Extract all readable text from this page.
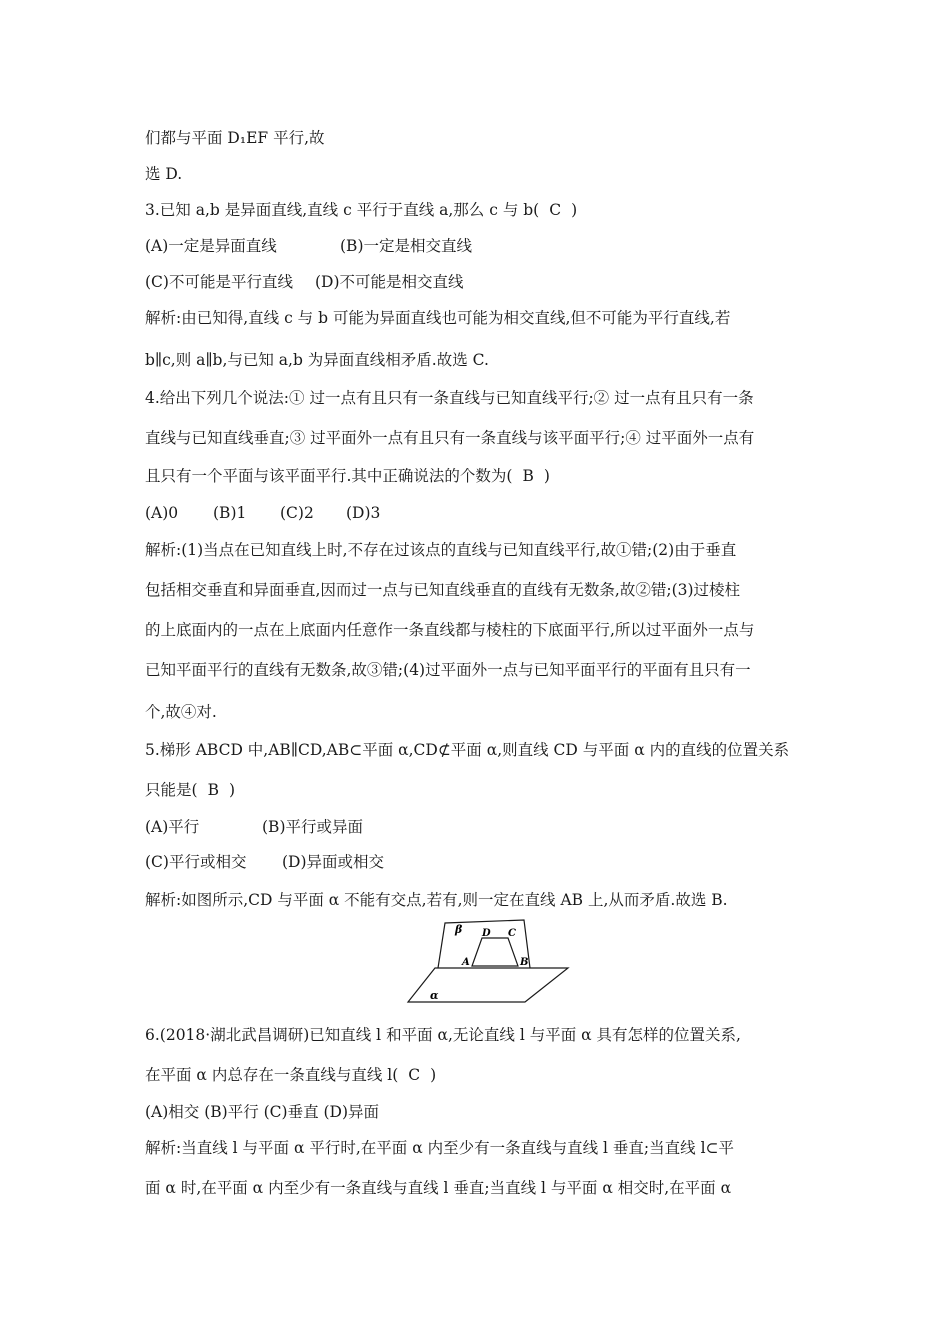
们都与平面 D₁EF 平行,故
选 D.
3.已知 a,b 是异面直线,直线 c 平行于直线 a,那么 c 与 b( C )
(A)一定是异面直线	(B)一定是相交直线
(C)不可能是平行直线 (D)不可能是相交直线
解析:由已知得,直线 c 与 b 可能为异面直线也可能为相交直线,但不可能为平行直线,若
b∥c,则 a∥b,与已知 a,b 为异面直线相矛盾.故选 C.
4.给出下列几个说法:① 过一点有且只有一条直线与已知直线平行;② 过一点有且只有一条
直线与已知直线垂直;③ 过平面外一点有且只有一条直线与该平面平行;④ 过平面外一点有
且只有一个平面与该平面平行.其中正确说法的个数为( B )
(A)0 (B)1 (C)2 (D)3
解析:(1)当点在已知直线上时,不存在过该点的直线与已知直线平行,故①错;(2)由于垂直
包括相交垂直和异面垂直,因而过一点与已知直线垂直的直线有无数条,故②错;(3)过棱柱
的上底面内的一点在上底面内任意作一条直线都与棱柱的下底面平行,所以过平面外一点与
已知平面平行的直线有无数条,故③错;(4)过平面外一点与已知平面平行的平面有且只有一
个,故④对.
5.梯形 ABCD 中,AB∥CD,AB⊂平面 α,CD⊄平面 α,则直线 CD 与平面 α 内的直线的位置关系
只能是( B )
(A)平行	(B)平行或异面
(C)平行或相交 (D)异面或相交
解析:如图所示,CD 与平面 α 不能有交点,若有,则一定在直线 AB 上,从而矛盾.故选 B.
β
α
A	B
C
D
6.(2018·湖北武昌调研)已知直线 l 和平面 α,无论直线 l 与平面 α 具有怎样的位置关系,
在平面 α 内总存在一条直线与直线 l( C )
(A)相交 (B)平行 (C)垂直 (D)异面
解析:当直线 l 与平面 α 平行时,在平面 α 内至少有一条直线与直线 l 垂直;当直线 l⊂平
面 α 时,在平面 α 内至少有一条直线与直线 l 垂直;当直线 l 与平面 α 相交时,在平面 α
